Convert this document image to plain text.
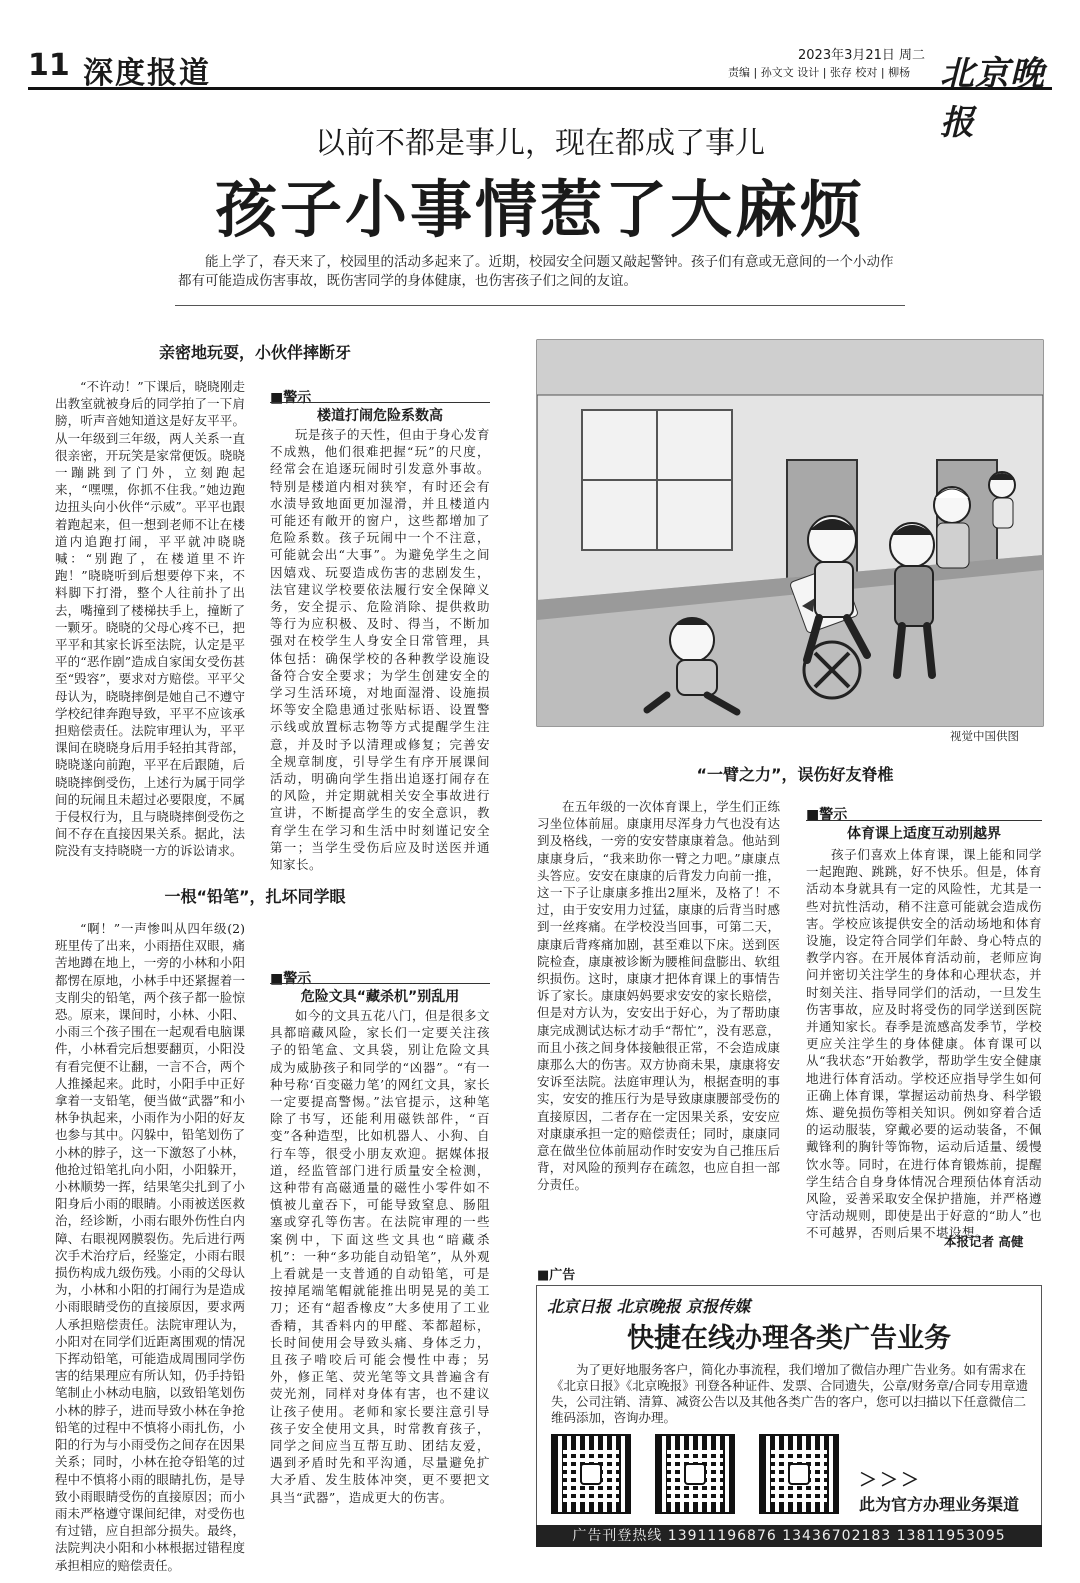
11 深度报道
2023年3月21日 周二
责编 | 孙文文 设计 | 张存 校对 | 柳杨 北京晚报
以前不都是事儿，现在都成了事儿
孩子小事情惹了大麻烦
能上学了，春天来了，校园里的活动多起来了。近期，校园安全问题又敲起警钟。孩子们有意或无意间的一个小动作都有可能造成伤害事故，既伤害同学的身体健康，也伤害孩子们之间的友谊。
亲密地玩耍，小伙伴摔断牙

“不许动！”下课后，晓晓刚走出教室就被身后的同学拍了一下肩膀，听声音她知道这是好友平平。从一年级到三年级，两人关系一直很亲密，开玩笑是家常便饭。晓晓一蹦跳到了门外，立刻跑起来，“嘿嘿，你抓不住我。”她边跑边扭头向小伙伴“示威”。平平也跟着跑起来，但一想到老师不让在楼道内追跑打闹，平平就冲晓晓喊：“别跑了，在楼道里不许跑！”晓晓听到后想要停下来，不料脚下打滑，整个人往前扑了出去，嘴撞到了楼梯扶手上，撞断了一颗牙。晓晓的父母心疼不已，把平平和其家长诉至法院，认定是平平的“恶作剧”造成自家闺女受伤甚至“毁容”，要求对方赔偿。平平父母认为，晓晓摔倒是她自己不遵守学校纪律奔跑导致，平平不应该承担赔偿责任。法院审理认为，平平课间在晓晓身后用手轻拍其背部，晓晓遂向前跑，平平在后跟随，后晓晓摔倒受伤，上述行为属于同学间的玩闹且未超过必要限度，不属于侵权行为，且与晓晓摔倒受伤之间不存在直接因果关系。据此，法院没有支持晓晓一方的诉讼请求。

■警示
楼道打闹危险系数高

玩是孩子的天性，但由于身心发育不成熟，他们很难把握“玩”的尺度，经常会在追逐玩闹时引发意外事故。特别是楼道内相对狭窄，有时还会有水渍导致地面更加湿滑，并且楼道内可能还有敞开的窗户，这些都增加了危险系数。孩子玩闹中一个不注意，可能就会出“大事”。为避免学生之间因嬉戏、玩耍造成伤害的悲剧发生，法官建议学校要依法履行安全保障义务，安全提示、危险消除、提供救助等行为应积极、及时、得当，不断加强对在校学生人身安全日常管理，具体包括：确保学校的各种教学设施设备符合安全要求；为学生创建安全的学习生活环境，对地面湿滑、设施损坏等安全隐患通过张贴标语、设置警示线或放置标志物等方式提醒学生注意，并及时予以清理或修复；完善安全规章制度，引导学生有序开展课间活动，明确向学生指出追逐打闹存在的风险，并定期就相关安全事故进行宣讲，不断提高学生的安全意识，教育学生在学习和生活中时刻谨记安全第一；当学生受伤后应及时送医并通知家长。

一根“铅笔”，扎坏同学眼

“啊！”一声惨叫从四年级(2)班里传了出来，小雨捂住双眼，痛苦地蹲在地上，一旁的小林和小阳都愣在原地，小林手中还紧握着一支削尖的铅笔，两个孩子都一脸惊恐。原来，课间时，小林、小阳、小雨三个孩子围在一起观看电脑课件，小林看完后想要翻页，小阳没有看完便不让翻，一言不合，两个人推搡起来。此时，小阳手中正好拿着一支铅笔，便当做“武器”和小林争执起来，小雨作为小阳的好友也参与其中。闪躲中，铅笔划伤了小林的脖子，这一下激怒了小林，他抢过铅笔扎向小阳，小阳躲开，小林顺势一挥，结果笔尖扎到了小阳身后小雨的眼睛。小雨被送医救治，经诊断，小雨右眼外伤性白内障、右眼视网膜裂伤。先后进行两次手术治疗后，经鉴定，小雨右眼损伤构成九级伤残。小雨的父母认为，小林和小阳的打闹行为是造成小雨眼睛受伤的直接原因，要求两人承担赔偿责任。法院审理认为，小阳对在同学们近距离围观的情况下挥动铅笔，可能造成周围同学伤害的结果理应有所认知，仍手持铅笔制止小林动电脑，以致铅笔划伤小林的脖子，进而导致小林在争抢铅笔的过程中不慎将小雨扎伤，小阳的行为与小雨受伤之间存在因果关系；同时，小林在抢夺铅笔的过程中不慎将小雨的眼睛扎伤，是导致小雨眼睛受伤的直接原因；而小雨未严格遵守课间纪律，对受伤也有过错，应自担部分损失。最终，法院判决小阳和小林根据过错程度承担相应的赔偿责任。

■警示
危险文具“藏杀机”别乱用

如今的文具五花八门，但是很多文具都暗藏风险，家长们一定要关注孩子的铅笔盒、文具袋，别让危险文具成为威胁孩子和同学的“凶器”。“有一种号称‘百变磁力笔’的网红文具，家长一定要提高警惕。”法官提示，这种笔除了书写，还能利用磁铁部件，“百变”各种造型，比如机器人、小狗、自行车等，很受小朋友欢迎。据媒体报道，经监管部门进行质量安全检测，这种带有高磁通量的磁性小零件如不慎被儿童吞下，可能导致窒息、肠阻塞或穿孔等伤害。在法院审理的一些案例中，下面这些文具也“暗藏杀机”：一种“多功能自动铅笔”，从外观上看就是一支普通的自动铅笔，可是按掉尾端笔帽就能推出明晃晃的美工刀；还有“超香橡皮”大多使用了工业香精，其香料内的甲醛、苯都超标，长时间使用会导致头痛、身体乏力，且孩子啃咬后可能会慢性中毒；另外，修正笔、荧光笔等文具普遍含有荧光剂，同样对身体有害，也不建议让孩子使用。老师和家长要注意引导孩子安全使用文具，时常教育孩子，同学之间应当互帮互助、团结友爱，遇到矛盾时先和平沟通，尽量避免扩大矛盾、发生肢体冲突，更不要把文具当“武器”，造成更大的伤害。

视觉中国供图
“一臂之力”，误伤好友脊椎

在五年级的一次体育课上，学生们正练习坐位体前屈。康康用尽浑身力气也没有达到及格线，一旁的安安替康康着急。他站到康康身后，“我来助你一臂之力吧。”康康点头答应。安安在康康的后背发力向前一推，这一下子让康康多推出2厘米，及格了！不过，由于安安用力过猛，康康的后背当时感到一丝疼痛。在学校没当回事，可第二天，康康后背疼痛加剧，甚至难以下床。送到医院检查，康康被诊断为腰椎间盘膨出、软组织损伤。这时，康康才把体育课上的事情告诉了家长。康康妈妈要求安安的家长赔偿，但是对方认为，安安出于好心，为了帮助康康完成测试达标才动手“帮忙”，没有恶意，而且小孩之间身体接触很正常，不会造成康康那么大的伤害。双方协商未果，康康将安安诉至法院。法庭审理认为，根据查明的事实，安安的推压行为是导致康康腰部受伤的直接原因，二者存在一定因果关系，安安应对康康承担一定的赔偿责任；同时，康康同意在做坐位体前屈动作时安安为自己推压后背，对风险的预判存在疏忽，也应自担一部分责任。

■警示
体育课上适度互动别越界

孩子们喜欢上体育课，课上能和同学一起跑跑、跳跳，好不快乐。但是，体育活动本身就具有一定的风险性，尤其是一些对抗性活动，稍不注意可能就会造成伤害。学校应该提供安全的活动场地和体育设施，设定符合同学们年龄、身心特点的教学内容。在开展体育活动前，老师应询问并密切关注学生的身体和心理状态，并时刻关注、指导同学们的活动，一旦发生伤害事故，应及时将受伤的同学送到医院并通知家长。春季是流感高发季节，学校更应关注学生的身体健康。体育课可以从“我状态”开始教学，帮助学生安全健康地进行体育活动。学校还应指导学生如何正确上体育课，掌握运动前热身、科学锻炼、避免损伤等相关知识。例如穿着合适的运动服装，穿戴必要的运动装备，不佩戴锋利的胸针等饰物，运动后适量、缓慢饮水等。同时，在进行体育锻炼前，提醒学生结合自身身体情况合理预估体育活动风险，妥善采取安全保护措施，并严格遵守活动规则，即使是出于好意的“助人”也不可越界，否则后果不堪设想。

本报记者 高健
■广告
北京日报 北京晚报 京报传媒
快捷在线办理各类广告业务
为了更好地服务客户，简化办事流程，我们增加了微信办理广告业务。如有需求在《北京日报》《北京晚报》刊登各种证件、发票、合同遗失，公章/财务章/合同专用章遗失，公司注销、清算、减资公告以及其他各类广告的客户，您可以扫描以下任意微信二维码添加，咨询办理。
＞＞＞
此为官方办理业务渠道
广告刊登热线 13911196876 13436702183 13811953095
